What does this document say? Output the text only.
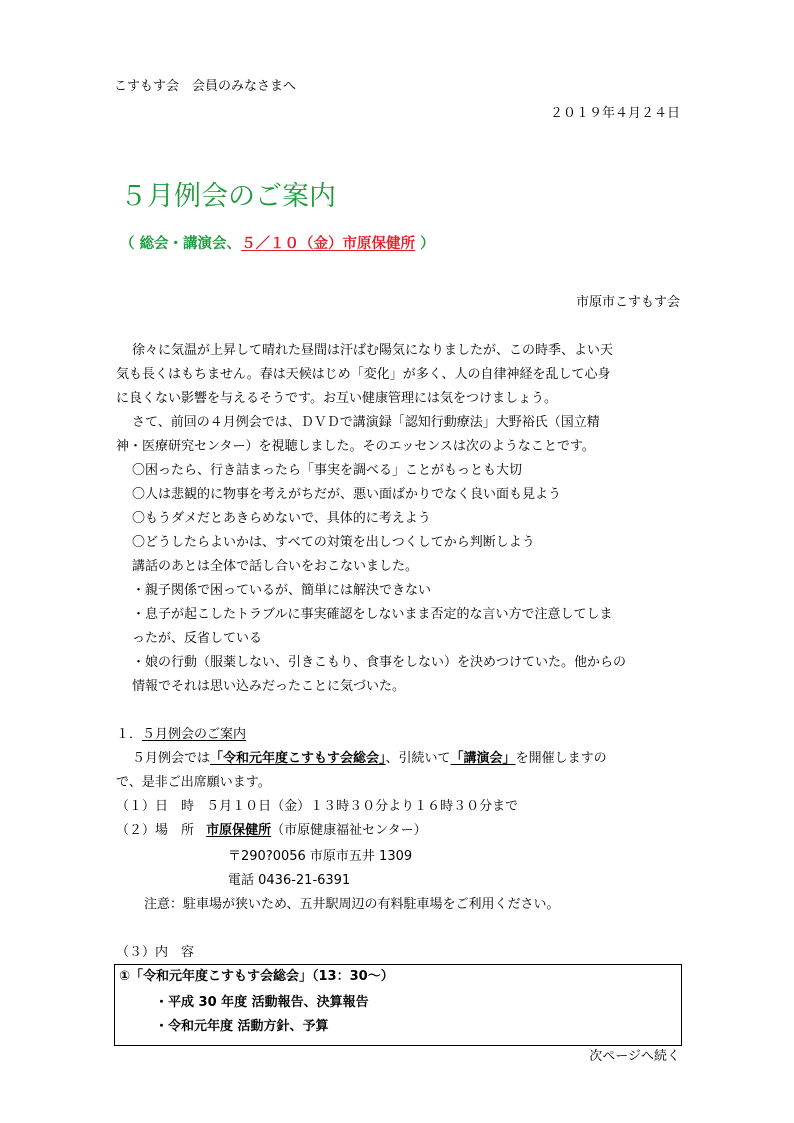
こすもす会　会員のみなさまへ
２０１９年４月２４日
５月例会のご案内
（ 総会・講演会、５／１０（金）市原保健所 ）
市原市こすもす会
徐々に気温が上昇して晴れた昼間は汗ばむ陽気になりましたが、この時季、よい天
気も長くはもちません。春は天候はじめ「変化」が多く、人の自律神経を乱して心身
に良くない影響を与えるそうです。お互い健康管理には気をつけましょう。
さて、前回の４月例会では、ＤＶＤで講演録「認知行動療法」大野裕氏（国立精
神・医療研究センター）を視聴しました。そのエッセンスは次のようなことです。
〇困ったら、行き詰まったら「事実を調べる」ことがもっとも大切
〇人は悲観的に物事を考えがちだが、悪い面ばかりでなく良い面も見よう
〇もうダメだとあきらめないで、具体的に考えよう
〇どうしたらよいかは、すべての対策を出しつくしてから判断しよう
講話のあとは全体で話し合いをおこないました。
・親子関係で困っているが、簡単には解決できない
・息子が起こしたトラブルに事実確認をしないまま否定的な言い方で注意してしま
ったが、反省している
・娘の行動（服薬しない、引きこもり、食事をしない）を決めつけていた。他からの
情報でそれは思い込みだったことに気づいた。
１．５月例会のご案内
５月例会では「令和元年度こすもす会総会」、引続いて「講演会」を開催しますの
で、是非ご出席願います。
（１）日　時 ５月１０日（金）１３時３０分より１６時３０分まで
（２）場　所 市原保健所（市原健康福祉センター）
〒290?0056 市原市五井 1309
電話 0436-21-6391
注意：駐車場が狭いため、五井駅周辺の有料駐車場をご利用ください。
（３）内　容
①「令和元年度こすもす会総会」（13：30～）
・平成 30 年度 活動報告、決算報告
・令和元年度 活動方針、予算
次ページへ続く
